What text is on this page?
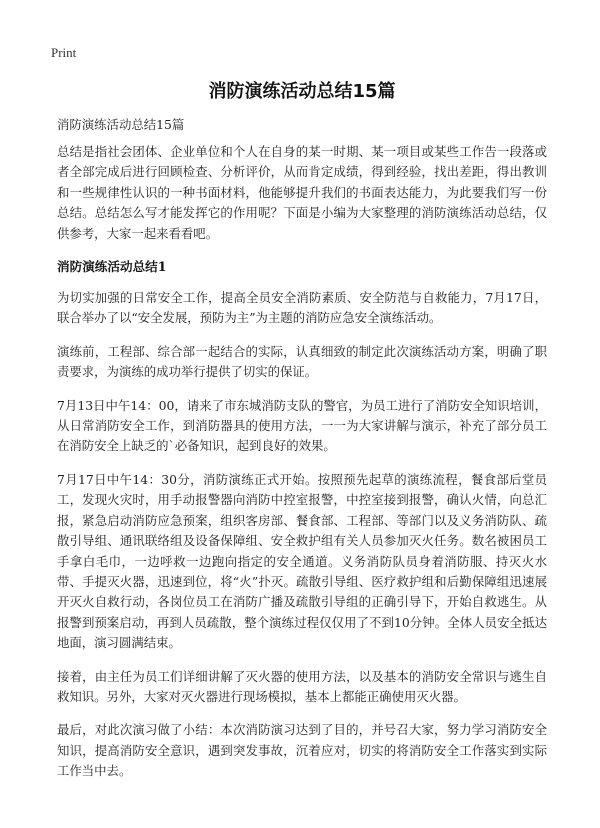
Print
消防演练活动总结15篇
消防演练活动总结15篇

总结是指社会团体、企业单位和个人在自身的某一时期、某一项目或某些工作告一段落或者全部完成后进行回顾检查、分析评价，从而肯定成绩，得到经验，找出差距，得出教训和一些规律性认识的一种书面材料，他能够提升我们的书面表达能力，为此要我们写一份总结。总结怎么写才能发挥它的作用呢？下面是小编为大家整理的消防演练活动总结，仅供参考，大家一起来看看吧。

消防演练活动总结1

为切实加强的日常安全工作，提高全员安全消防素质、安全防范与自救能力，7月17日，联合举办了以“安全发展，预防为主”为主题的消防应急安全演练活动。

演练前，工程部、综合部一起结合的实际，认真细致的制定此次演练活动方案，明确了职责要求，为演练的成功举行提供了切实的保证。

7月13日中午14：00，请来了市东城消防支队的警官，为员工进行了消防安全知识培训，从日常消防安全工作，到消防器具的使用方法，一一为大家讲解与演示，补充了部分员工在消防安全上缺乏的`必备知识，起到良好的效果。

7月17日中午14：30分，消防演练正式开始。按照预先起草的演练流程，餐食部后堂员工，发现火灾时，用手动报警器向消防中控室报警，中控室接到报警，确认火情，向总汇报，紧急启动消防应急预案，组织客房部、餐食部、工程部、等部门以及义务消防队、疏散引导组、通讯联络组及设备保障组、安全救护组有关人员参加灭火任务。数名被困员工手拿白毛巾，一边呼救一边跑向指定的安全通道。义务消防队员身着消防服、持灭火水带、手提灭火器，迅速到位，将“火”扑灭。疏散引导组、医疗救护组和后勤保障组迅速展开灭火自救行动，各岗位员工在消防广播及疏散引导组的正确引导下，开始自救逃生。从报警到预案启动，再到人员疏散，整个演练过程仅仅用了不到10分钟。全体人员安全抵达地面，演习圆满结束。

接着，由主任为员工们详细讲解了灭火器的使用方法，以及基本的消防安全常识与逃生自救知识。另外，大家对灭火器进行现场模拟，基本上都能正确使用灭火器。

最后，对此次演习做了小结：本次消防演习达到了目的，并号召大家，努力学习消防安全知识，提高消防安全意识，遇到突发事故，沉着应对，切实的将消防安全工作落实到实际工作当中去。
